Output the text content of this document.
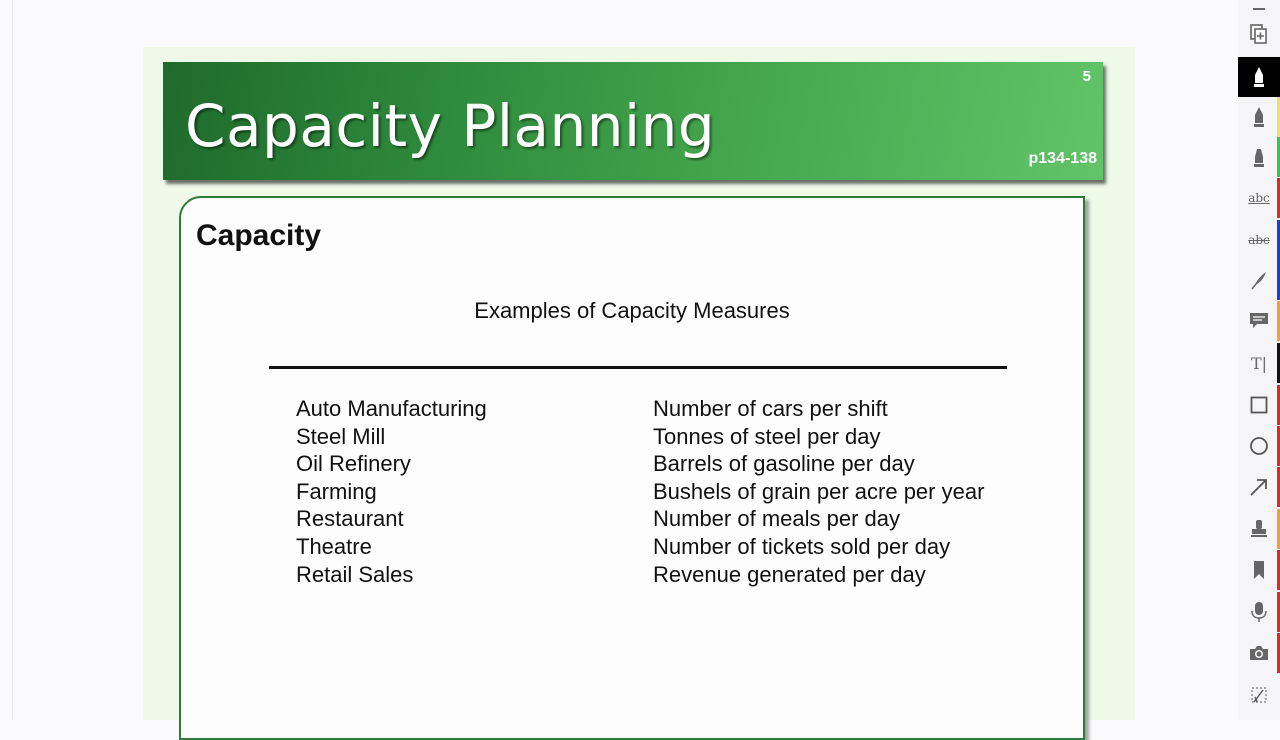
Capacity Planning
5
p134-138
Capacity
Examples of Capacity Measures
Auto Manufacturing	Number of cars per shift
Steel Mill	Tonnes of steel per day
Oil Refinery	Barrels of gasoline per day
Farming	Bushels of grain per acre per year
Restaurant	Number of meals per day
Theatre	Number of tickets sold per day
Retail Sales	Revenue generated per day
abc
abc
T|
